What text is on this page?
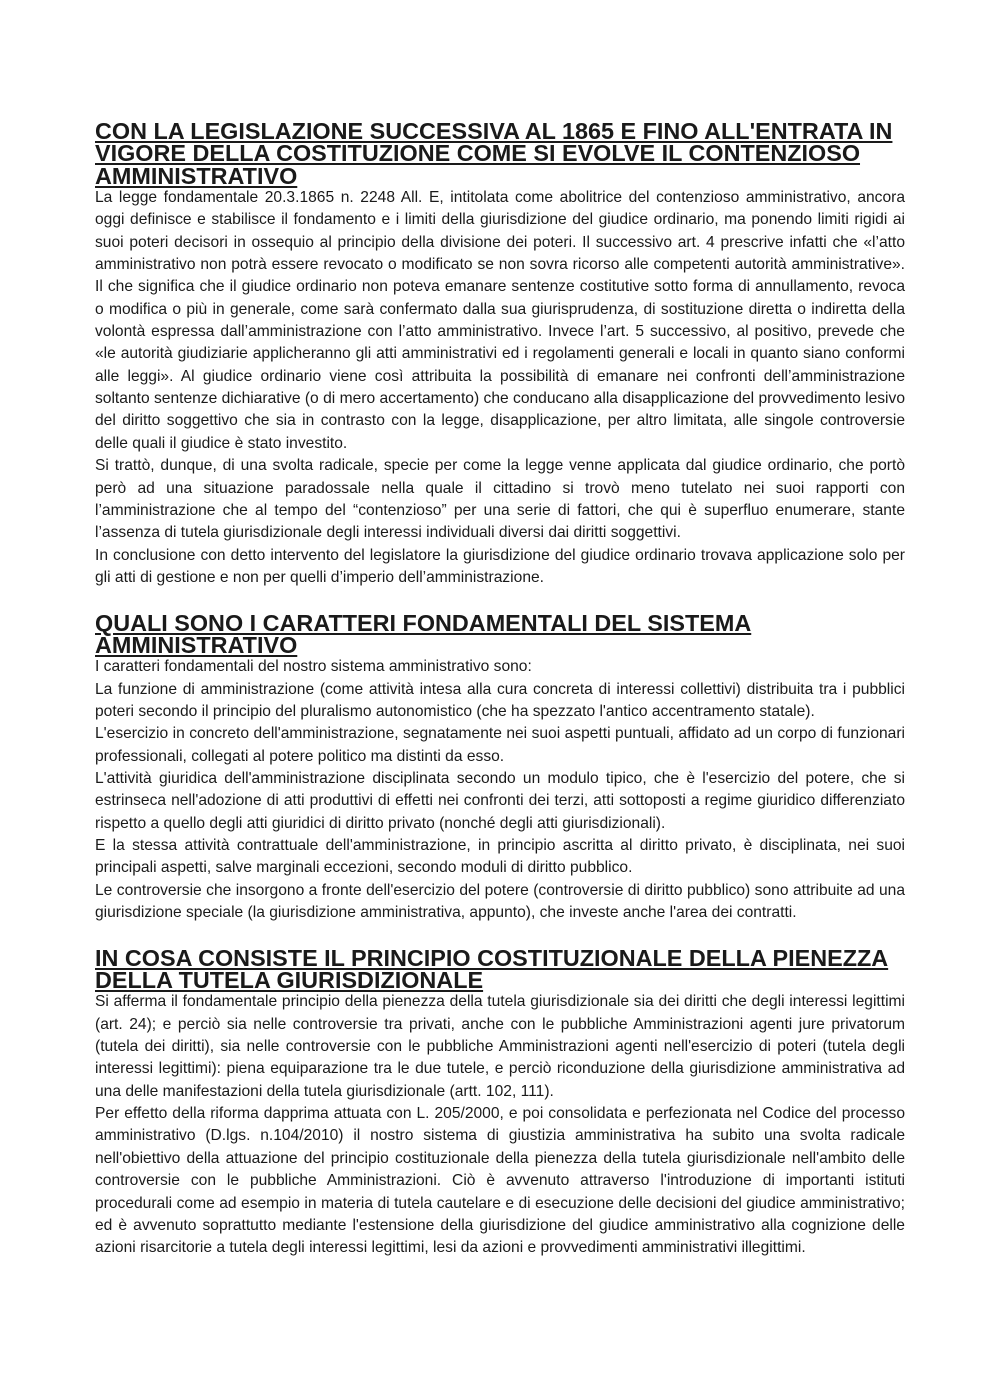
CON LA LEGISLAZIONE SUCCESSIVA AL 1865 E FINO ALL'ENTRATA IN VIGORE DELLA COSTITUZIONE COME SI EVOLVE IL CONTENZIOSO AMMINISTRATIVO

La legge fondamentale 20.3.1865 n. 2248 All. E, intitolata come abolitrice del contenzioso amministrativo, ancora oggi definisce e stabilisce il fondamento e i limiti della giurisdizione del giudice ordinario, ma ponendo limiti rigidi ai suoi poteri decisori in ossequio al principio della divisione dei poteri. Il successivo art. 4 prescrive infatti che «l’atto amministrativo non potrà essere revocato o modificato se non sovra ricorso alle competenti autorità amministrative». Il che significa che il giudice ordinario non poteva emanare sentenze costitutive sotto forma di annullamento, revoca o modifica o più in generale, come sarà confermato dalla sua giurisprudenza, di sostituzione diretta o indiretta della volontà espressa dall’amministrazione con l’atto amministrativo. Invece l’art. 5 successivo, al positivo, prevede che «le autorità giudiziarie applicheranno gli atti amministrativi ed i regolamenti generali e locali in quanto siano conformi alle leggi». Al giudice ordinario viene così attribuita la possibilità di emanare nei confronti dell’amministrazione soltanto sentenze dichiarative (o di mero accertamento) che conducano alla disapplicazione del provvedimento lesivo del diritto soggettivo che sia in contrasto con la legge, disapplicazione, per altro limitata, alle singole controversie delle quali il giudice è stato investito.

Si trattò, dunque, di una svolta radicale, specie per come la legge venne applicata dal giudice ordinario, che portò però ad una situazione paradossale nella quale il cittadino si trovò meno tutelato nei suoi rapporti con l’amministrazione che al tempo del “contenzioso” per una serie di fattori, che qui è superfluo enumerare, stante l’assenza di tutela giurisdizionale degli interessi individuali diversi dai diritti soggettivi.

In conclusione con detto intervento del legislatore la giurisdizione del giudice ordinario trovava applicazione solo per gli atti di gestione e non per quelli d’imperio dell’amministrazione.

QUALI SONO I CARATTERI FONDAMENTALI DEL SISTEMA AMMINISTRATIVO

I caratteri fondamentali del nostro sistema amministrativo sono:

La funzione di amministrazione (come attività intesa alla cura concreta di interessi collettivi) distribuita tra i pubblici poteri secondo il principio del pluralismo autonomistico (che ha spezzato l'antico accentramento statale).

L'esercizio in concreto dell'amministrazione, segnatamente nei suoi aspetti puntuali, affidato ad un corpo di funzionari professionali, collegati al potere politico ma distinti da esso.

L'attività giuridica dell'amministrazione disciplinata secondo un modulo tipico, che è l'esercizio del potere, che si estrinseca nell'adozione di atti produttivi di effetti nei confronti dei terzi, atti sottoposti a regime giuridico differenziato rispetto a quello degli atti giuridici di diritto privato (nonché degli atti giurisdizionali).

E la stessa attività contrattuale dell'amministrazione, in principio ascritta al diritto privato, è disciplinata, nei suoi principali aspetti, salve marginali eccezioni, secondo moduli di diritto pubblico.

Le controversie che insorgono a fronte dell'esercizio del potere (controversie di diritto pubblico) sono attribuite ad una giurisdizione speciale (la giurisdizione amministrativa, appunto), che investe anche l'area dei contratti.

IN COSA CONSISTE IL PRINCIPIO COSTITUZIONALE DELLA PIENEZZA DELLA TUTELA GIURISDIZIONALE

Si afferma il fondamentale principio della pienezza della tutela giurisdizionale sia dei diritti che degli interessi legittimi (art. 24); e perciò sia nelle controversie tra privati, anche con le pubbliche Amministrazioni agenti jure privatorum (tutela dei diritti), sia nelle controversie con le pubbliche Amministrazioni agenti nell'esercizio di poteri (tutela degli interessi legittimi): piena equiparazione tra le due tutele, e perciò riconduzione della giurisdizione amministrativa ad una delle manifestazioni della tutela giurisdizionale (artt. 102, 111).

Per effetto della riforma dapprima attuata con L. 205/2000, e poi consolidata e perfezionata nel Codice del processo amministrativo (D.lgs. n.104/2010) il nostro sistema di giustizia amministrativa ha subito una svolta radicale nell'obiettivo della attuazione del principio costituzionale della pienezza della tutela giurisdizionale nell'ambito delle controversie con le pubbliche Amministrazioni. Ciò è avvenuto attraverso l'introduzione di importanti istituti procedurali come ad esempio in materia di tutela cautelare e di esecuzione delle decisioni del giudice amministrativo; ed è avvenuto soprattutto mediante l'estensione della giurisdizione del giudice amministrativo alla cognizione delle azioni risarcitorie a tutela degli interessi legittimi, lesi da azioni e provvedimenti amministrativi illegittimi.
